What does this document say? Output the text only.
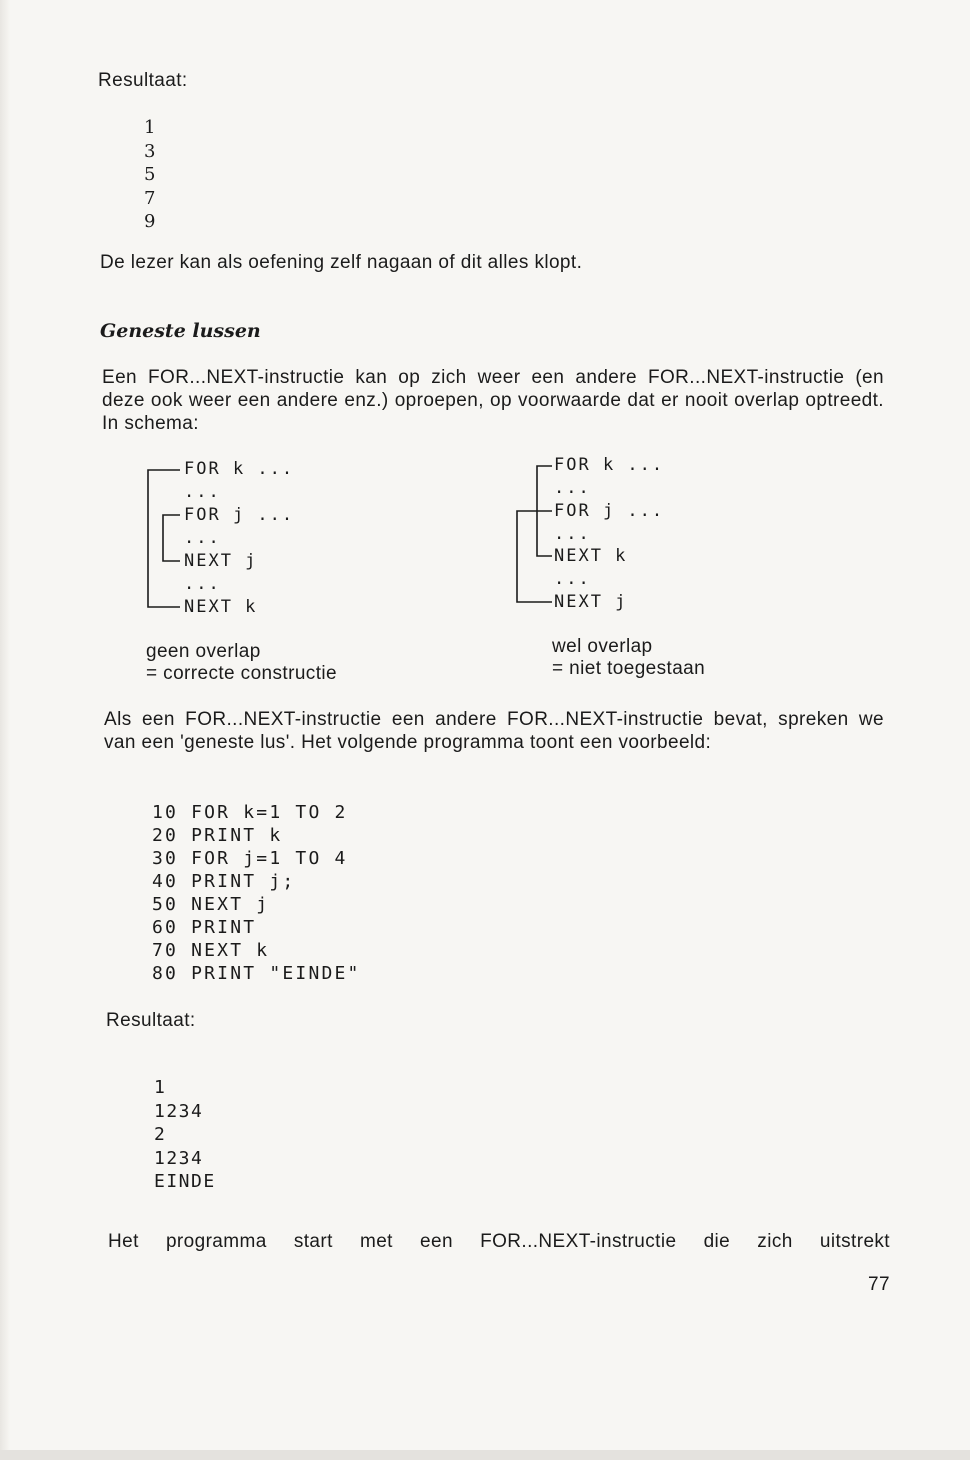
Resultaat:
1
3
5
7
9
De lezer kan als oefening zelf nagaan of dit alles klopt.
Geneste lussen
Een FOR...NEXT-instructie kan op zich weer een andere FOR...NEXT-instructie (en deze ook weer een andere enz.) oproepen, op voorwaarde dat er nooit overlap optreedt. In schema:
FOR k ...
...
FOR j ...
...
NEXT j
...
NEXT k
FOR k ...
...
FOR j ...
...
NEXT k
...
NEXT j
geen overlap
= correcte constructie
wel overlap
= niet toegestaan
Als een FOR...NEXT-instructie een andere FOR...NEXT-instructie bevat, spreken we van een 'geneste lus'. Het volgende programma toont een voorbeeld:
10 FOR k=1 TO 2
20 PRINT k
30 FOR j=1 TO 4
40 PRINT j;
50 NEXT j
60 PRINT
70 NEXT k
80 PRINT "EINDE"
Resultaat:
1
1234
2
1234
EINDE
Het programma start met een FOR...NEXT-instructie die zich uitstrekt
77
